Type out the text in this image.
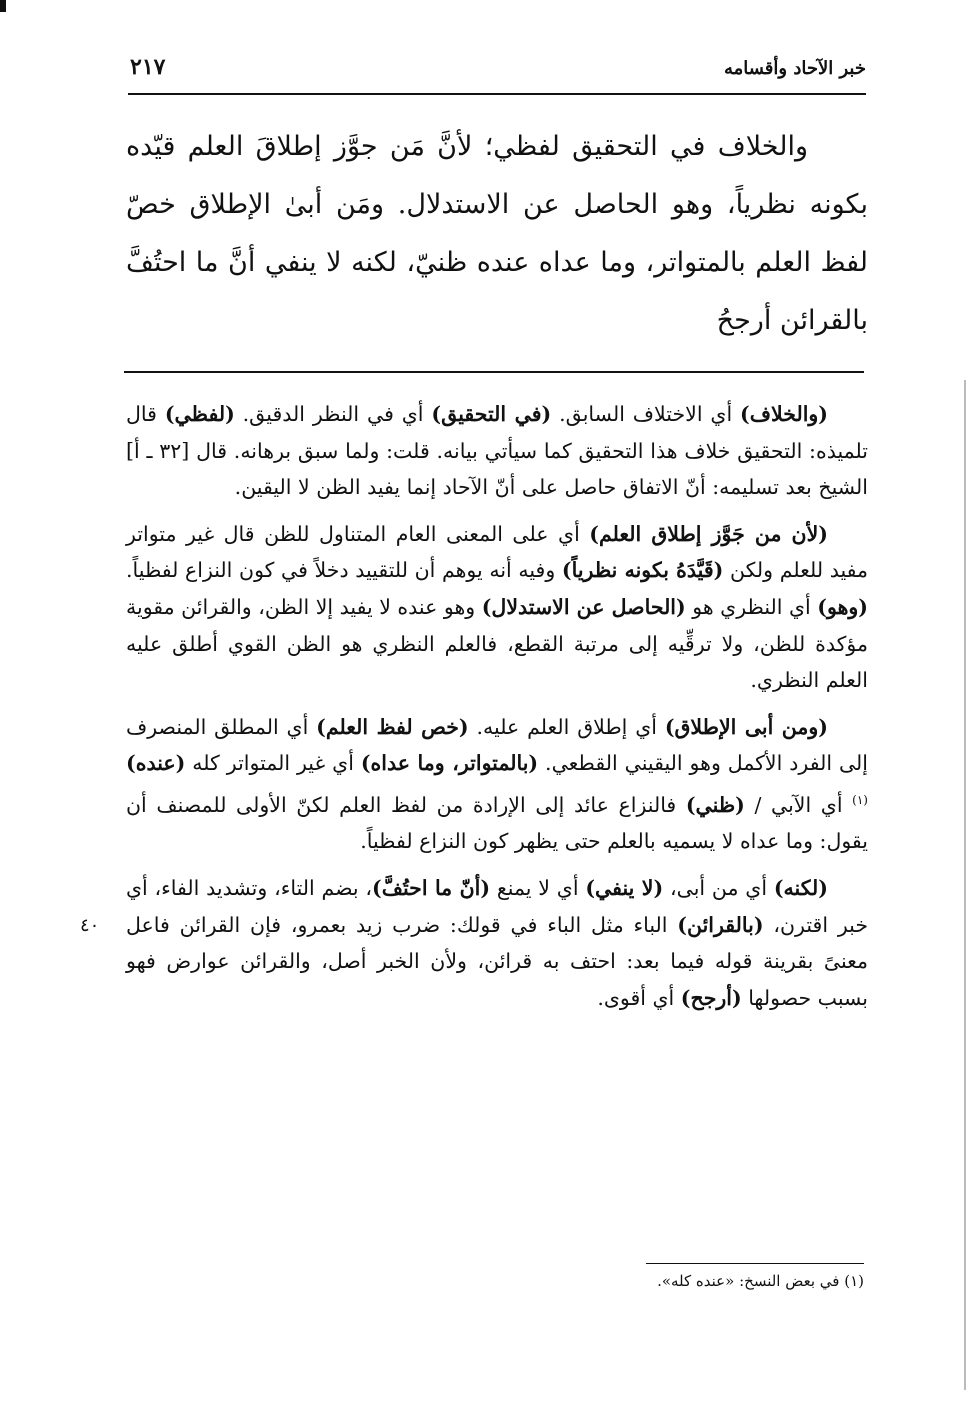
خبر الآحاد وأقسامه
٢١٧

والخلاف في التحقيق لفظي؛ لأنَّ مَن جوَّز إطلاقَ العلم قيّده بكونه نظرياً، وهو الحاصل عن الاستدلال. ومَن أبىٰ الإطلاق خصّ لفظ العلم بالمتواتر، وما عداه عنده ظنيّ، لكنه لا ينفي أنَّ ما احتُفَّ بالقرائن أرجحُ

(والخلاف) أي الاختلاف السابق. (في التحقيق) أي في النظر الدقيق. (لفظي) قال تلميذه: التحقيق خلاف هذا التحقيق كما سيأتي بيانه. قلت: ولما سبق برهانه. قال [٣٢ ـ أ] الشيخ بعد تسليمه: أنّ الاتفاق حاصل على أنّ الآحاد إنما يفيد الظن لا اليقين.

(لأن من جَوَّز إطلاق العلم) أي على المعنى العام المتناول للظن قال غير متواتر مفيد للعلم ولكن (قَيَّدَهُ بكونه نظرياً) وفيه أنه يوهم أن للتقييد دخلاً في كون النزاع لفظياً. (وهو) أي النظري هو (الحاصل عن الاستدلال) وهو عنده لا يفيد إلا الظن، والقرائن مقوية مؤكدة للظن، ولا ترقِّيه إلى مرتبة القطع، فالعلم النظري هو الظن القوي أطلق عليه العلم النظري.

(ومن أبى الإطلاق) أي إطلاق العلم عليه. (خص لفظ العلم) أي المطلق المنصرف إلى الفرد الأكمل وهو اليقيني القطعي. (بالمتواتر، وما عداه) أي غير المتواتر كله (عنده)$^{(١)}$ أي الآبي / (ظني) فالنزاع عائد إلى الإرادة من لفظ العلم لكنّ الأولى للمصنف أن يقول: وما عداه لا يسميه بالعلم حتى يظهر كون النزاع لفظياً.

(لكنه) أي من أبى، (لا ينفي) أي لا يمنع (أنّ ما احتُفَّ)، بضم التاء، وتشديد الفاء، أي خبر اقترن، (بالقرائن) الباء مثل الباء في قولك: ضرب زيد بعمرو، فإن القرائن فاعل معنىً بقرينة قوله فيما بعد: احتف به قرائن، ولأن الخبر أصل، والقرائن عوارض فهو بسبب حصولها (أرجح) أي أقوى.

٤٠
(١) في بعض النسخ: «عنده كله».
